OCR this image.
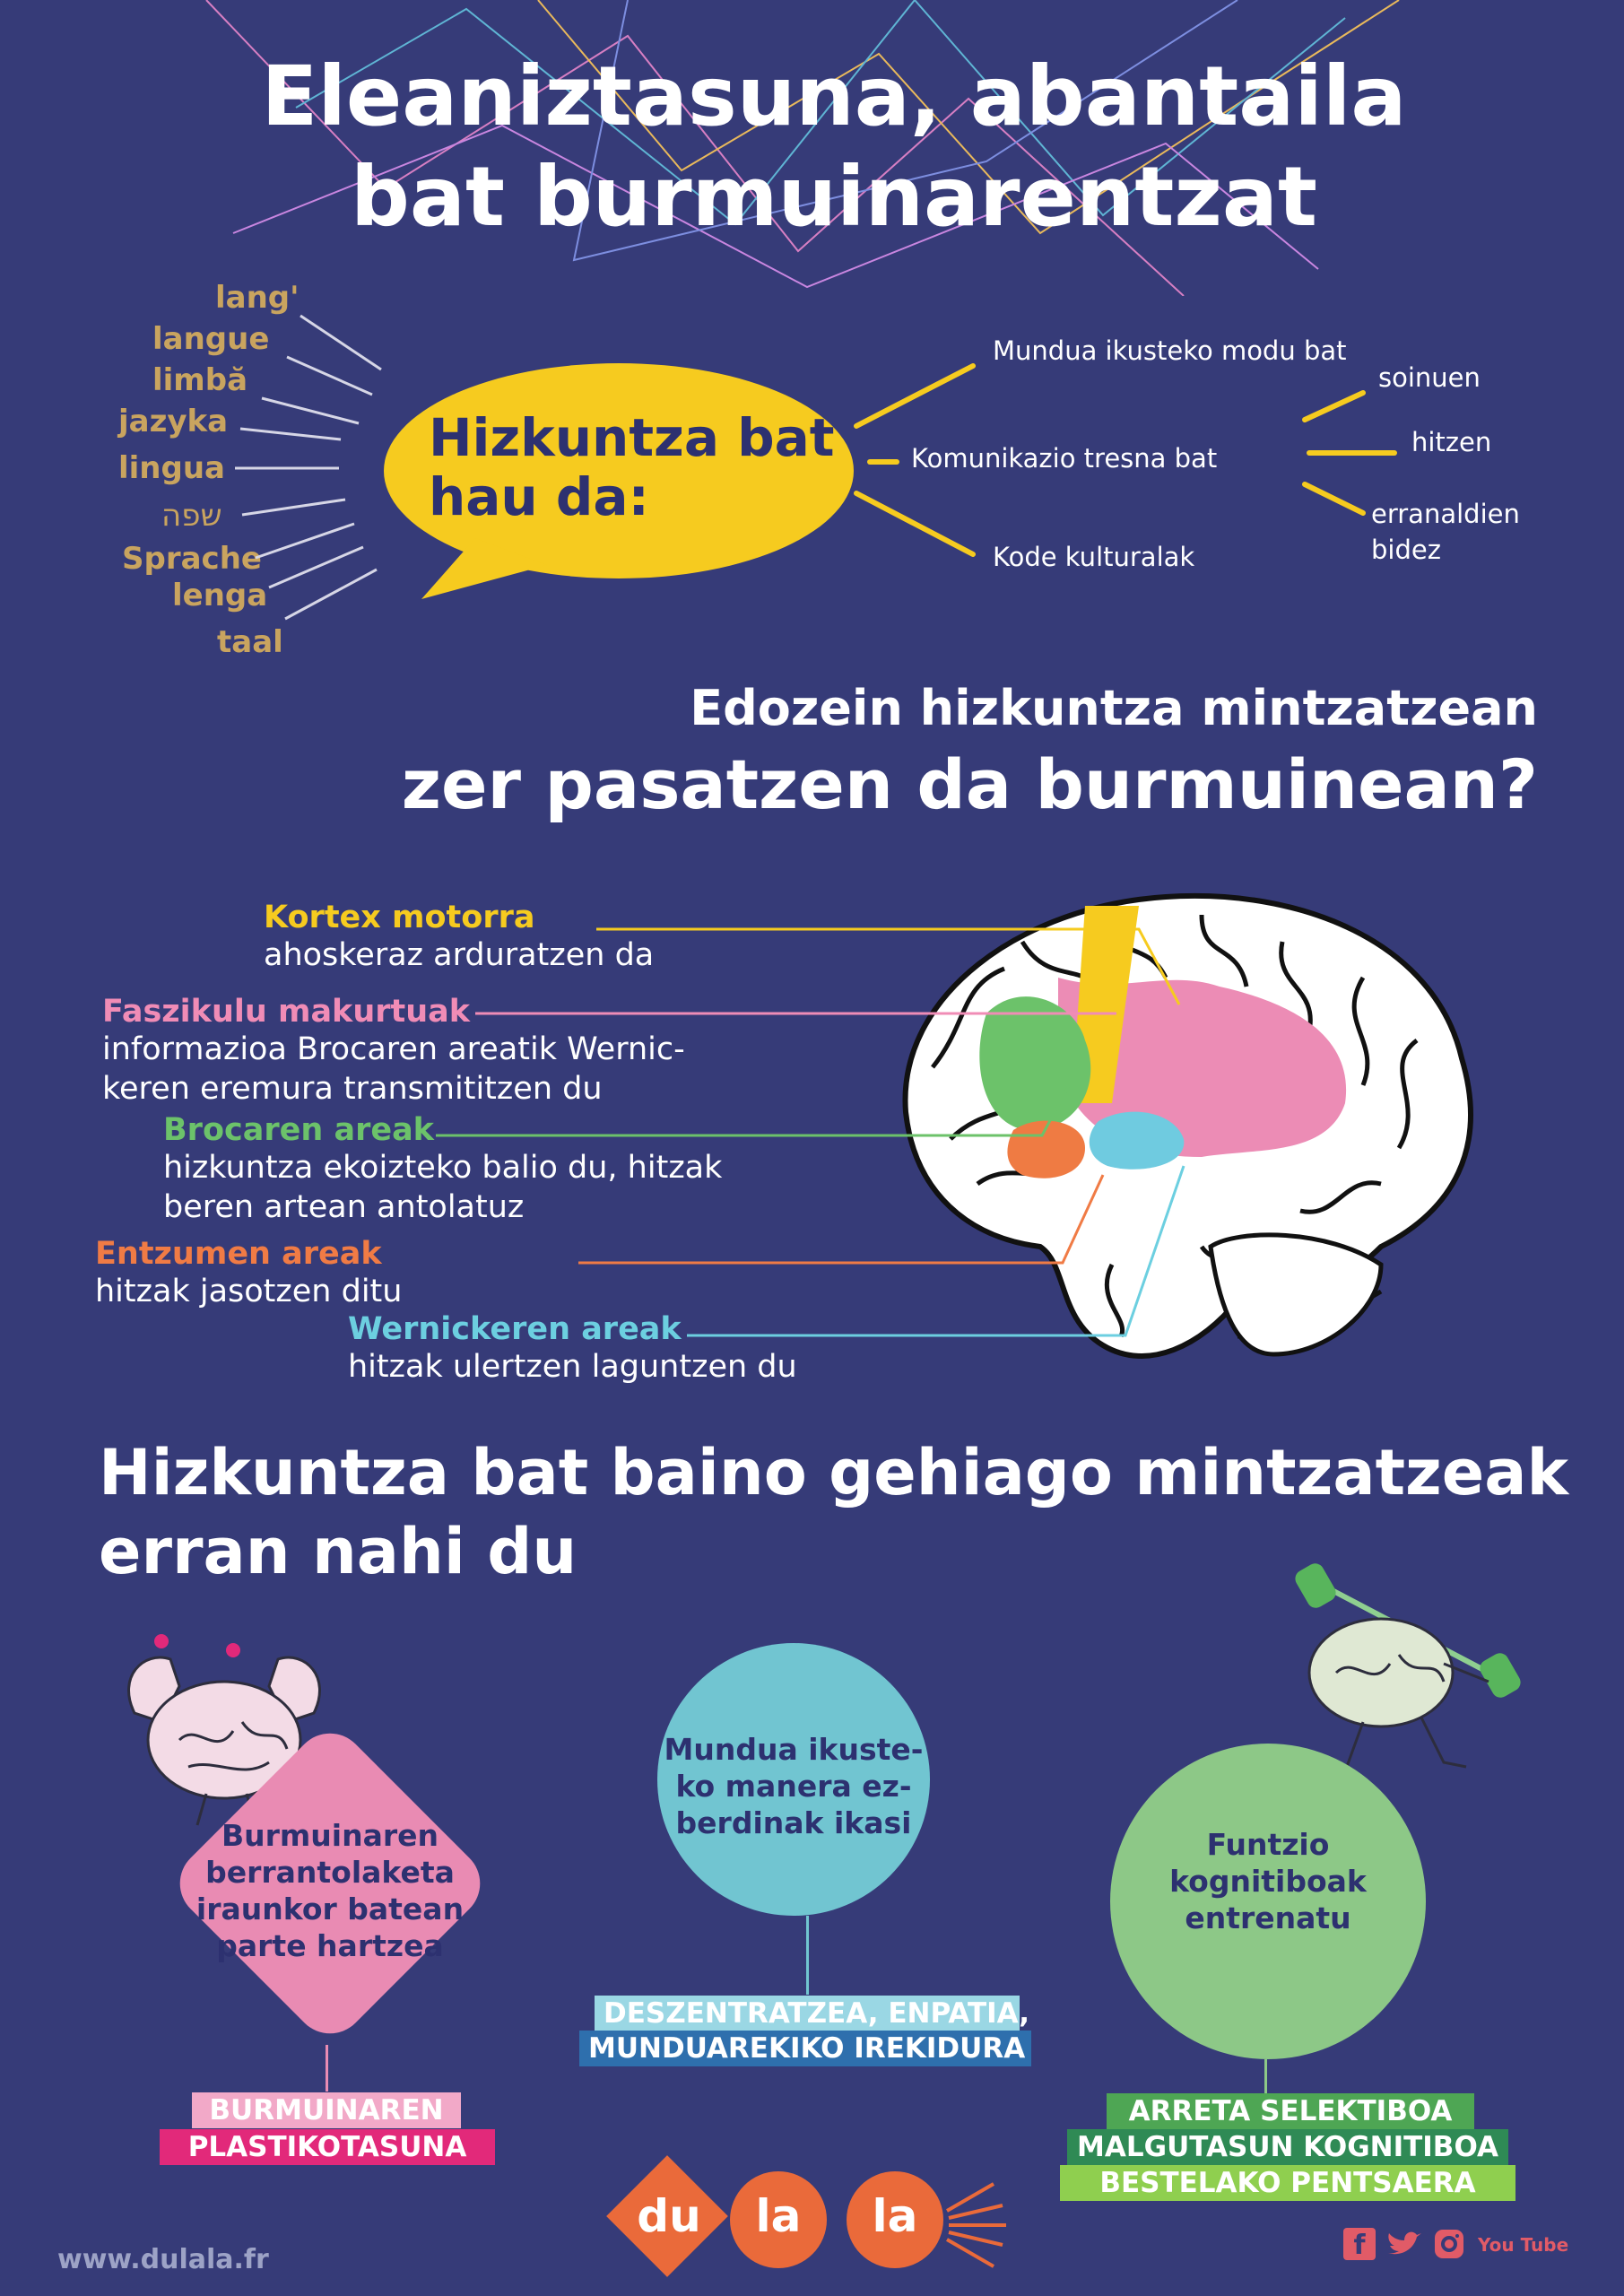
Eleaniztasuna, abantaila
bat burmuinarentzat
lang'
langue
limbă
jazyka
lingua
שפה
Sprache
lenga
taal
Hizkuntza bat
hau da:
Mundua ikusteko modu bat
Komunikazio tresna bat
Kode kulturalak
soinuen
hitzen
erranaldien
bidez
Edozein hizkuntza mintzatzean
zer pasatzen da burmuinean?
Kortex motorra
ahoskeraz arduratzen da
Faszikulu makurtuak
informazioa Brocaren areatik Wernic-
keren eremura transmititzen du
Brocaren areak
hizkuntza ekoizteko balio du, hitzak
beren artean antolatuz
Entzumen areak
hitzak jasotzen ditu
Wernickeren areak
hitzak ulertzen laguntzen du
Hizkuntza bat baino gehiago mintzatzeak
erran nahi du
Burmuinaren
berrantolaketa
iraunkor batean
parte hartzea
BURMUINAREN
PLASTIKOTASUNA
Mundua ikuste-
ko manera ez-
berdinak ikasi
DESZENTRATZEA, ENPATIA,
MUNDUAREKIKO IREKIDURA
Funtzio
kognitiboak
entrenatu
ARRETA SELEKTIBOA
MALGUTASUN KOGNITIBOA
BESTELAKO PENTSAERA
du	la	la
www.dulala.fr	f	You Tube
